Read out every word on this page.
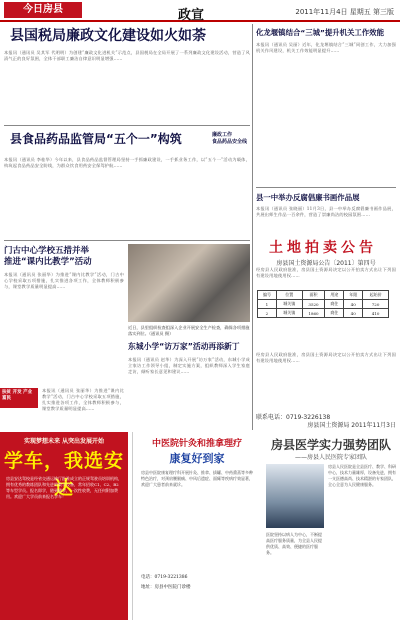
今日房县	政宣	2011年11月4日 星期五 第三版
县国税局廉政文化建设如火如荼
本报讯（通讯员 吴其军 代明明）为创建“廉政文化进机关”示范点，县国税局在全局开展了一系列廉政文化建设活动，营造了风清气正的良好氛围，全体干部职工廉洁自律意识明显增强……
县食品药品监管局“五个一”构筑	廉政工作
食品药品安全线
本报讯（通讯员 李桂华）今年以来，县食品药品监督管理局坚持一手抓廉政建设，一手抓业务工作，以“五个一”活动为载体，构筑起食品药品安全防线，为群众饮食用药安全保驾护航……
门古中心学校五措并举
推进“课内比教学”活动
本报讯（通讯员 张丽华）为推进“课内比教学”活动，门古中心学校采取五项措施，扎实推进各项工作，全体教师积极参与，课堂教学质量明显提高……
扶贫 开发 产业富民
本报讯（通讯员 张丽华）为推进“课内比教学”活动，门古中心学校采取五项措施，扎实推进各项工作，全体教师积极参与，课堂教学质量明显提高……
近日，县里组织检查组深入企业开展安全生产检查，确保各项措施落实到位。（通讯员 摄）
东城小学“访万家”活动再添新丁
本报讯（通讯员 赵华）为深入开展“访万家”活动，东城小学成立家访工作领导小组，制定实施方案，组织教师深入学生家庭走访，倾听家长意见和建议……
化龙堰镇结合“三城”提升机关工作效能
本报讯（通讯员 吴丽）近年，化龙堰镇结合“三城”同创工作，大力加强机关作风建设，机关工作效能明显提升……
县一中举办反腐倡廉书画作品展
本报讯（通讯员 张晓丽）11月3日，县一中举办反腐倡廉书画作品展，共展出师生作品一百余件，营造了崇廉尚洁的校园氛围……
土地拍卖公告
房县国土资源局公告〔2011〕第四号
经房县人民政府批准，房县国土资源局决定以公开拍卖方式出让下列国有建设用地使用权……
编号	位置	面积	用途	年限	起始价
1	城关镇	3520	商住	40	720
2	城关镇	1860	商住	40	410
经房县人民政府批准，房县国土资源局决定以公开拍卖方式出让下列国有建设用地使用权……
联系电话：0719-3226138
房县国土资源局 2011年11月3日
实现梦想未来 从突出发展开始
学车，我选安达
房县安达驾校是经省交通运输厅批准成立的正规驾驶员培训机构，拥有优秀的教练团队和先进的教学设备，常年招收C1、C2、B2等车型学员。报名即学，随到随学，一次性收费，无任何附加费用。欢迎广大学员前来报名学车！
中医院针灸和推拿理疗
康复好到家
房县中医院康复理疗科开展针灸、推拿、拔罐、中药熏蒸等多种特色治疗，对颈肩腰腿痛、中风后遗症、面瘫等疾病疗效显著，欢迎广大患者前来就诊。
电话：0719-3221386
地址：房县中医院门诊楼
房县医学实力强势团队
——房县人民医院专家团队
房县人民医院是全县医疗、教学、科研中心，技术力量雄厚，设备先进，拥有一支医德高尚、技术精湛的专家团队，全心全意为人民健康服务。
医院坚持以病人为中心，不断提高医疗服务质量，为全县人民提供优质、高效、便捷的医疗服务。
